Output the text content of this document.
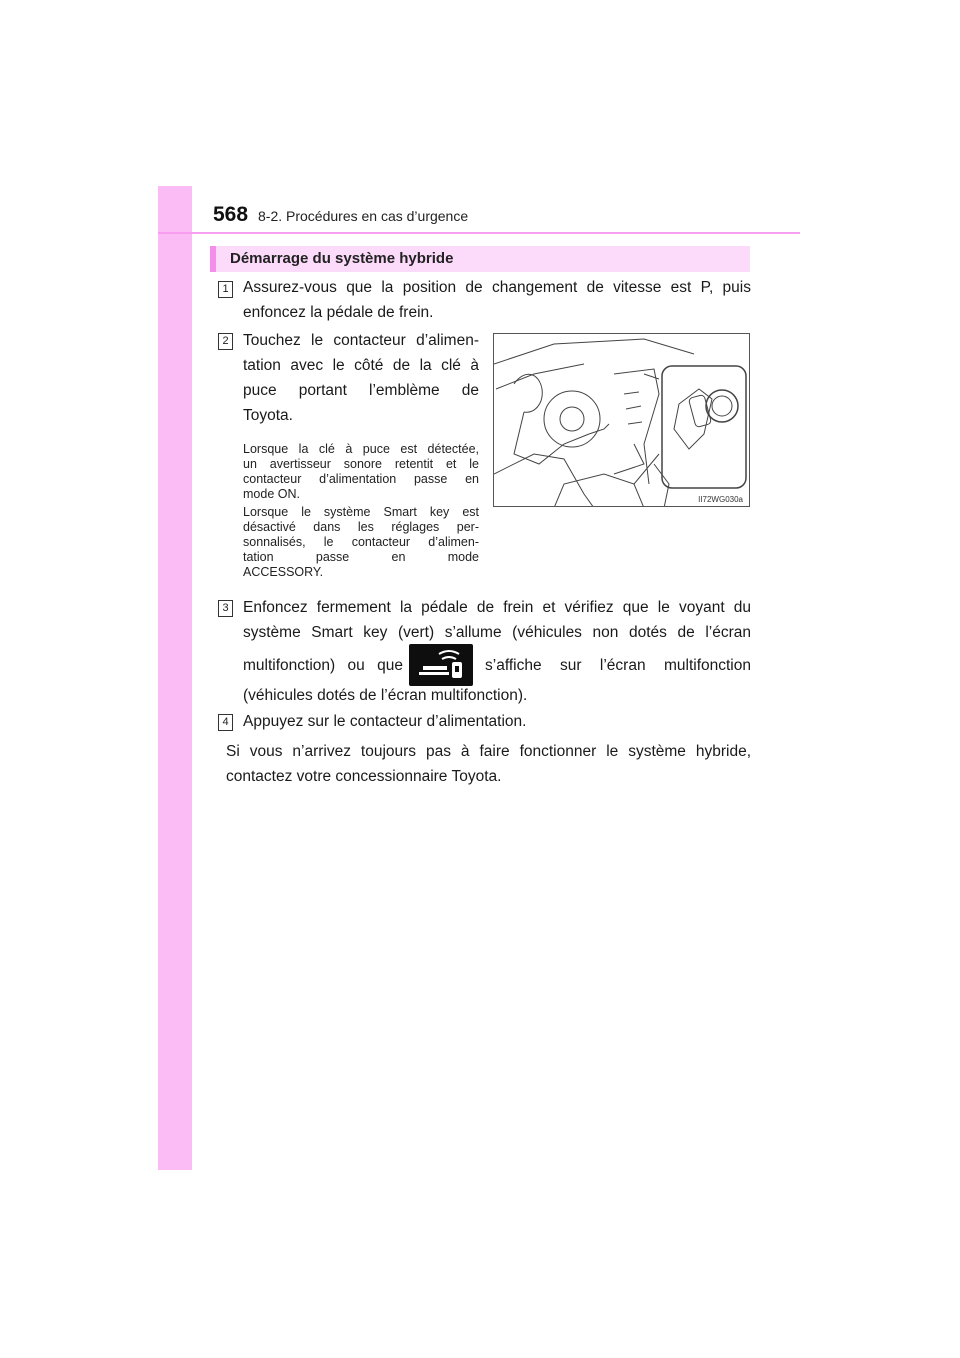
568 8-2. Procédures en cas d’urgence
Démarrage du système hybride
1 Assurez-vous que la position de changement de vitesse est P, puis
enfoncez la pédale de frein.
2 Touchez le contacteur d’alimen-
tation avec le côté de la clé à
puce portant l’emblème de
Toyota.
Lorsque la clé à puce est détectée,
un avertisseur sonore retentit et le
contacteur d’alimentation passe en
mode ON.
Lorsque le système Smart key est
désactivé dans les réglages per-
sonnalisés, le contacteur d’alimen-
tation passe en mode
ACCESSORY.
II72WG030a
3 Enfoncez fermement la pédale de frein et vérifiez que le voyant du
système Smart key (vert) s’allume (véhicules non dotés de l’écran
multifonction) ou que	s’affiche sur l’écran multifonction
(véhicules dotés de l’écran multifonction).
4 Appuyez sur le contacteur d’alimentation.
Si vous n’arrivez toujours pas à faire fonctionner le système hybride,
contactez votre concessionnaire Toyota.
